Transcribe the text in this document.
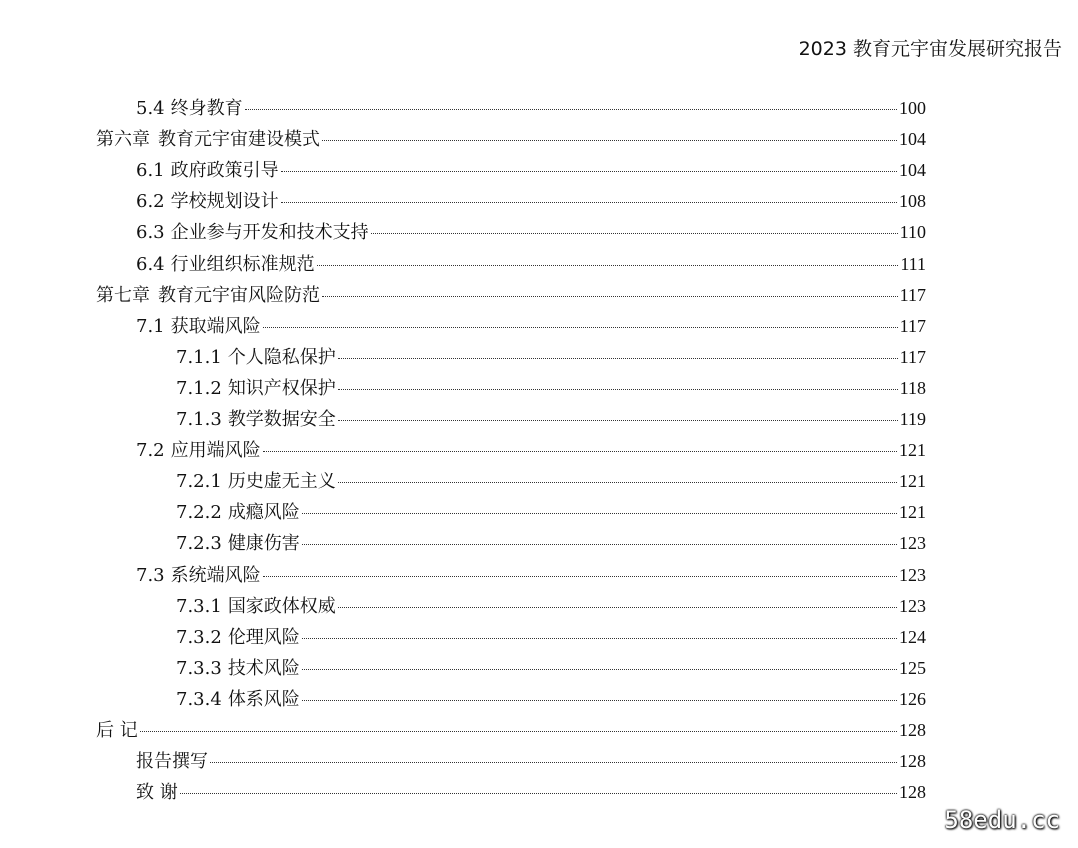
2023 教育元宇宙发展研究报告
5.4 终身教育	100
第六章 教育元宇宙建设模式	104
6.1 政府政策引导	104
6.2 学校规划设计	108
6.3 企业参与开发和技术支持	110
6.4 行业组织标准规范	111
第七章 教育元宇宙风险防范	117
7.1 获取端风险	117
7.1.1 个人隐私保护	117
7.1.2 知识产权保护	118
7.1.3 教学数据安全	119
7.2 应用端风险	121
7.2.1 历史虚无主义	121
7.2.2 成瘾风险	121
7.2.3 健康伤害	123
7.3 系统端风险	123
7.3.1 国家政体权威	123
7.3.2 伦理风险	124
7.3.3 技术风险	125
7.3.4 体系风险	126
后 记	128
报告撰写	128
致 谢	128
58edu.cc
